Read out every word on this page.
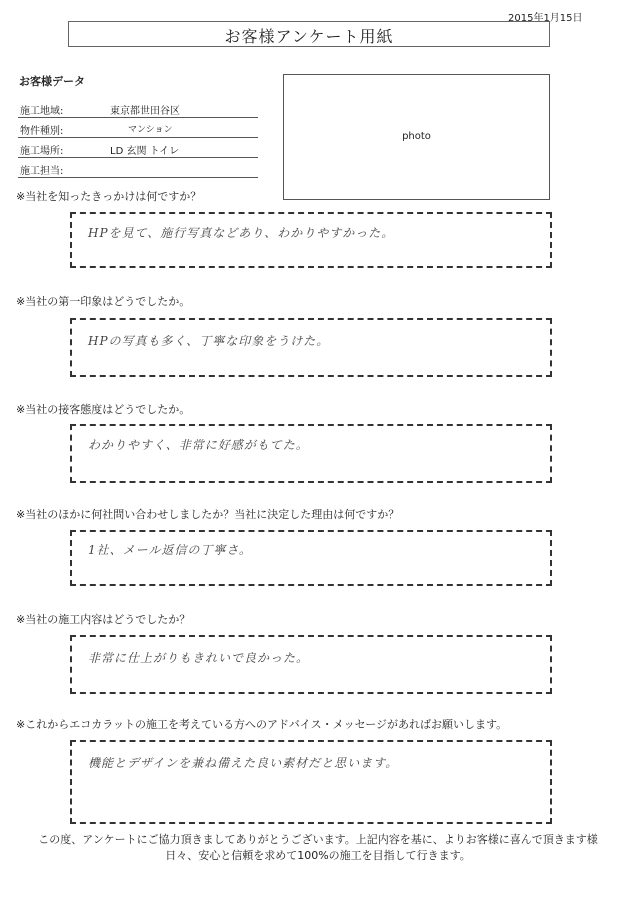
2015年1月15日
お客様アンケート用紙
お客様データ
施工地域:	東京都世田谷区
物件種別:	マンション
施工場所:	LD 玄関 トイレ
施工担当:
photo
※当社を知ったきっかけは何ですか？
HPを見て、施行写真などあり、わかりやすかった。
※当社の第一印象はどうでしたか。
HPの写真も多く、丁寧な印象をうけた。
※当社の接客態度はどうでしたか。
わかりやすく、非常に好感がもてた。
※当社のほかに何社問い合わせしましたか？当社に決定した理由は何ですか？
1社、メール返信の丁寧さ。
※当社の施工内容はどうでしたか？
非常に仕上がりもきれいで良かった。
※これからエコカラットの施工を考えている方へのアドバイス・メッセージがあればお願いします。
機能とデザインを兼ね備えた良い素材だと思います。
この度、アンケートにご協力頂きましてありがとうございます。上記内容を基に、よりお客様に喜んで頂きます様
日々、安心と信頼を求めて100%の施工を目指して行きます。
